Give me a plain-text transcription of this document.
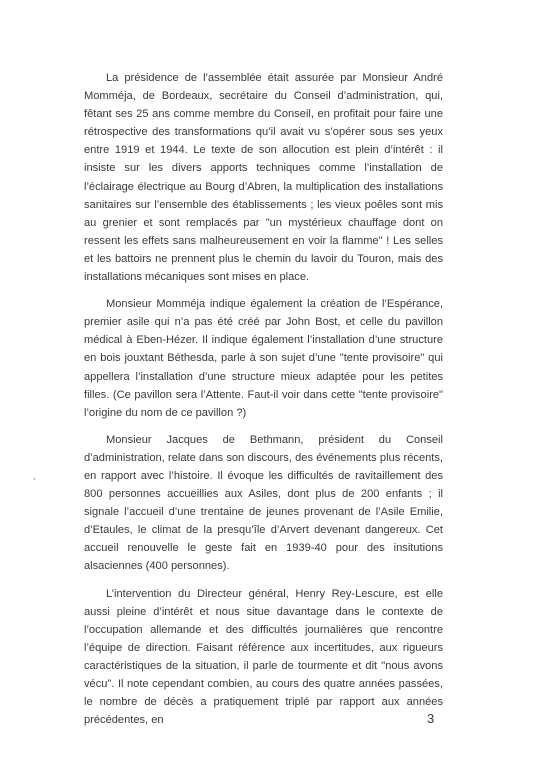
La présidence de l’assemblée était assurée par Monsieur André Momméja, de Bordeaux, secrétaire du Conseil d’administration, qui, fêtant ses 25 ans comme membre du Conseil, en profitait pour faire une rétrospective des transformations qu’il avait vu s’opérer sous ses yeux entre 1919 et 1944. Le texte de son allocution est plein d’intérêt : il insiste sur les divers apports techniques comme l’installation de l’éclairage électrique au Bourg d’Abren, la multiplication des installations sanitaires sur l’ensemble des établissements ; les vieux poêles sont mis au grenier et sont remplacés par "un mystérieux chauffage dont on ressent les effets sans malheureusement en voir la flamme" ! Les selles et les battoirs ne prennent plus le chemin du lavoir du Touron, mais des installations mécaniques sont mises en place.

Monsieur Momméja indique également la création de l’Espérance, premier asile qui n’a pas été créé par John Bost, et celle du pavillon médical à Eben-Hézer. Il indique également l’installation d’une structure en bois jouxtant Béthesda, parle à son sujet d’une "tente provisoire" qui appellera l’installation d’une structure mieux adaptée pour les petites filles. (Ce pavillon sera l’Attente. Faut-il voir dans cette "tente provisoire" l’origine du nom de ce pavillon ?)

Monsieur Jacques de Bethmann, président du Conseil d’administration, relate dans son discours, des événements plus récents, en rapport avec l’histoire. Il évoque les difficultés de ravitaillement des 800 personnes accueillies aux Asiles, dont plus de 200 enfants ; il signale l’accueil d’une trentaine de jeunes provenant de l’Asile Emilie, d’Etaules, le climat de la presqu’île d’Arvert devenant dangereux. Cet accueil renouvelle le geste fait en 1939-40 pour des insitutions alsaciennes (400 personnes).

L’intervention du Directeur général, Henry Rey-Lescure, est elle aussi pleine d’intérêt et nous situe davantage dans le contexte de l’occupation allemande et des difficultés journalières que rencontre l’équipe de direction. Faisant référence aux incertitudes, aux rigueurs caractéristiques de la situation, il parle de tourmente et dit "nous avons vécu". Il note cependant combien, au cours des quatre années passées, le nombre de décès a pratiquement triplé par rapport aux années précédentes, en	3
